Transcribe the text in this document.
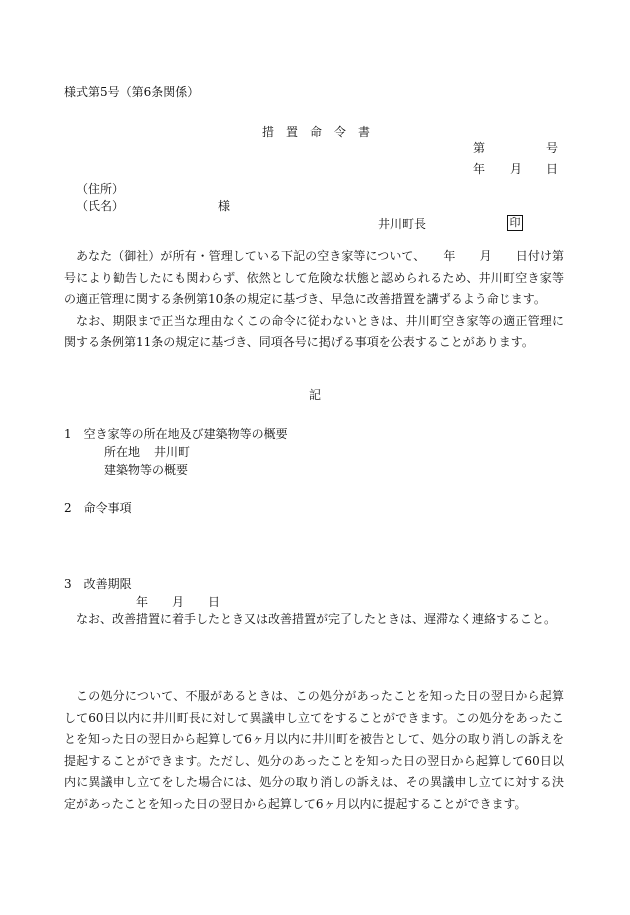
様式第5号（第6条関係）
措　置　命　令　書
第	号
年 月 日
（住所）
（氏名）	様
井川町長	印

あなた（御社）が所有・管理している下記の空き家等について、　　年　　月　　日付け第　　号により勧告したにも関わらず、依然として危険な状態と認められるため、井川町空き家等の適正管理に関する条例第10条の規定に基づき、早急に改善措置を講ずるよう命じます。

なお、期限まで正当な理由なくこの命令に従わないときは、井川町空き家等の適正管理に関する条例第11条の規定に基づき、同項各号に掲げる事項を公表することがあります。

記
1　空き家等の所在地及び建築物等の概要
所在地 井川町
建築物等の概要
2　命令事項
3　改善期限
年　　月　　日
なお、改善措置に着手したとき又は改善措置が完了したときは、遅滞なく連絡すること。

この処分について、不服があるときは、この処分があったことを知った日の翌日から起算して60日以内に井川町長に対して異議申し立てをすることができます。この処分をあったことを知った日の翌日から起算して6ヶ月以内に井川町を被告として、処分の取り消しの訴えを提起することができます。ただし、処分のあったことを知った日の翌日から起算して60日以内に異議申し立てをした場合には、処分の取り消しの訴えは、その異議申し立てに対する決定があったことを知った日の翌日から起算して6ヶ月以内に提起することができます。
